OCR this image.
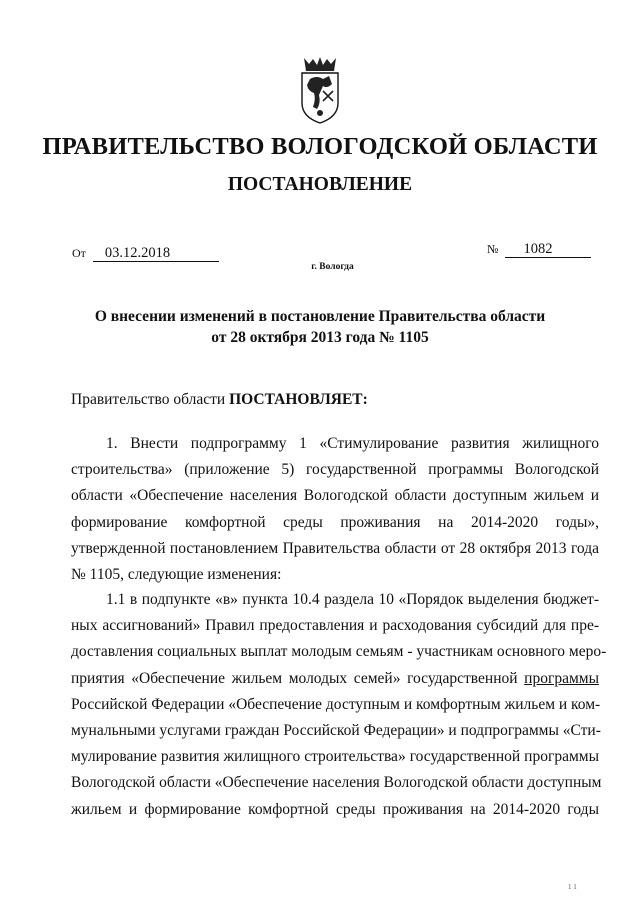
ПРАВИТЕЛЬСТВО ВОЛОГОДСКОЙ ОБЛАСТИ
ПОСТАНОВЛЕНИЕ
От 03.12.2018	№ 1082
г. Вологда
О внесении изменений в постановление Правительства области
от 28 октября 2013 года № 1105
Правительство области ПОСТАНОВЛЯЕТ:
1. Внести подпрограмму 1 «Стимулирование развития жилищного
строительства» (приложение 5) государственной программы Вологодской
области «Обеспечение населения Вологодской области доступным жильем и
формирование комфортной среды проживания на 2014-2020 годы»,
утвержденной постановлением Правительства области от 28 октября 2013 года
№ 1105, следующие изменения:
1.1 в подпункте «в» пункта 10.4 раздела 10 «Порядок выделения бюджет-
ных ассигнований» Правил предоставления и расходования субсидий для пре-
доставления социальных выплат молодым семьям - участникам основного меро-
приятия «Обеспечение жильем молодых семей» государственной программы
Российской Федерации «Обеспечение доступным и комфортным жильем и ком-
мунальными услугами граждан Российской Федерации» и подпрограммы «Сти-
мулирование развития жилищного строительства» государственной программы
Вологодской области «Обеспечение населения Вологодской области доступным
жильем и формирование комфортной среды проживания на 2014-2020 годы
1 1
